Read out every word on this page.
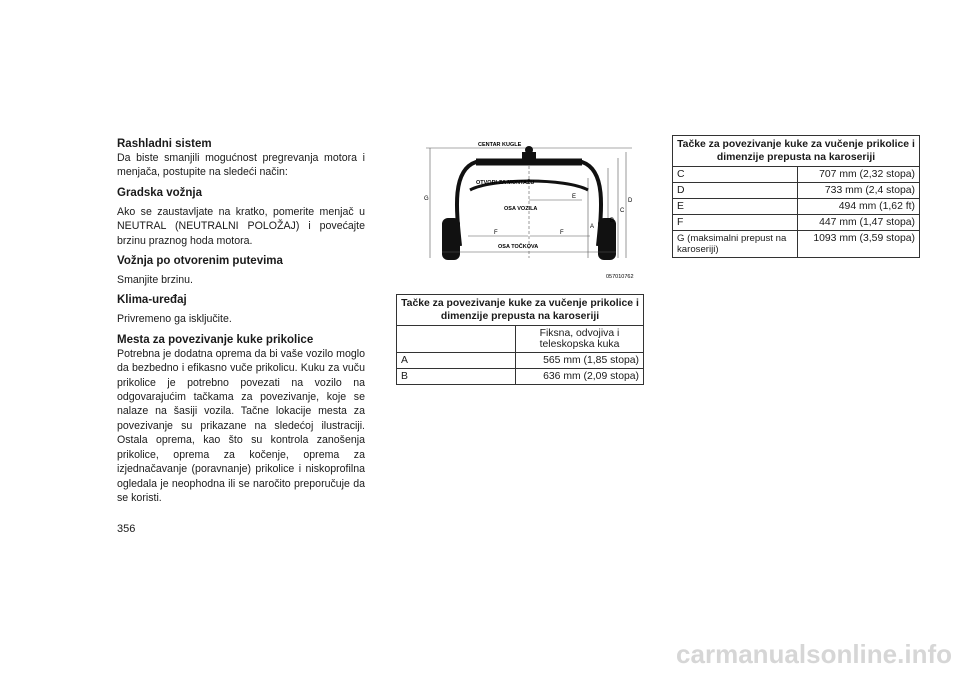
Rashladni sistem
Da biste smanjili mogućnost pregrevanja motora i menjača, postupite na sledeći način:
Gradska vožnja
Ako se zaustavljate na kratko, pomerite menjač u NEUTRAL (NEUTRALNI POLOŽAJ) i povećajte brzinu praznog hoda motora.
Vožnja po otvorenim putevima
Smanjite brzinu.
Klima-uređaj
Privremeno ga isključite.
Mesta za povezivanje kuke prikolice
Potrebna je dodatna oprema da bi vaše vozilo moglo da bezbedno i efikasno vuče prikolicu. Kuku za vuču prikolice je potrebno povezati na vozilo na odgovarajućim tačkama za povezivanje, koje se nalaze na šasiji vozila. Tačne lokacije mesta za povezivanje su prikazane na sledećoj ilustraciji. Ostala oprema, kao što su kontrola zanošenja prikolice, oprema za kočenje, oprema za izjednačavanje (poravnanje) prikolice i niskoprofilna ogledala je neophodna ili se naročito preporučuje da se koristi.
356
CENTAR KUGLE
OTVORI ZA MONTAŽU
OSA VOZILA
OSA TOČKOVA
G
A
B
C
D
E
F	F
057010762
Tačke za povezivanje kuke za vučenje prikolice i dimenzije prepusta na karoseriji	
	Fiksna, odvojiva i teleskopska kuka
A	565 mm (1,85 stopa)
B	636 mm (2,09 stopa)
Tačke za povezivanje kuke za vučenje prikolice i dimenzije prepusta na karoseriji	
C	707 mm (2,32 stopa)
D	733 mm (2,4 stopa)
E	494 mm (1,62 ft)
F	447 mm (1,47 stopa)
G (maksimalni prepust na karoseriji)	1093 mm (3,59 stopa)
carmanualsonline.info
